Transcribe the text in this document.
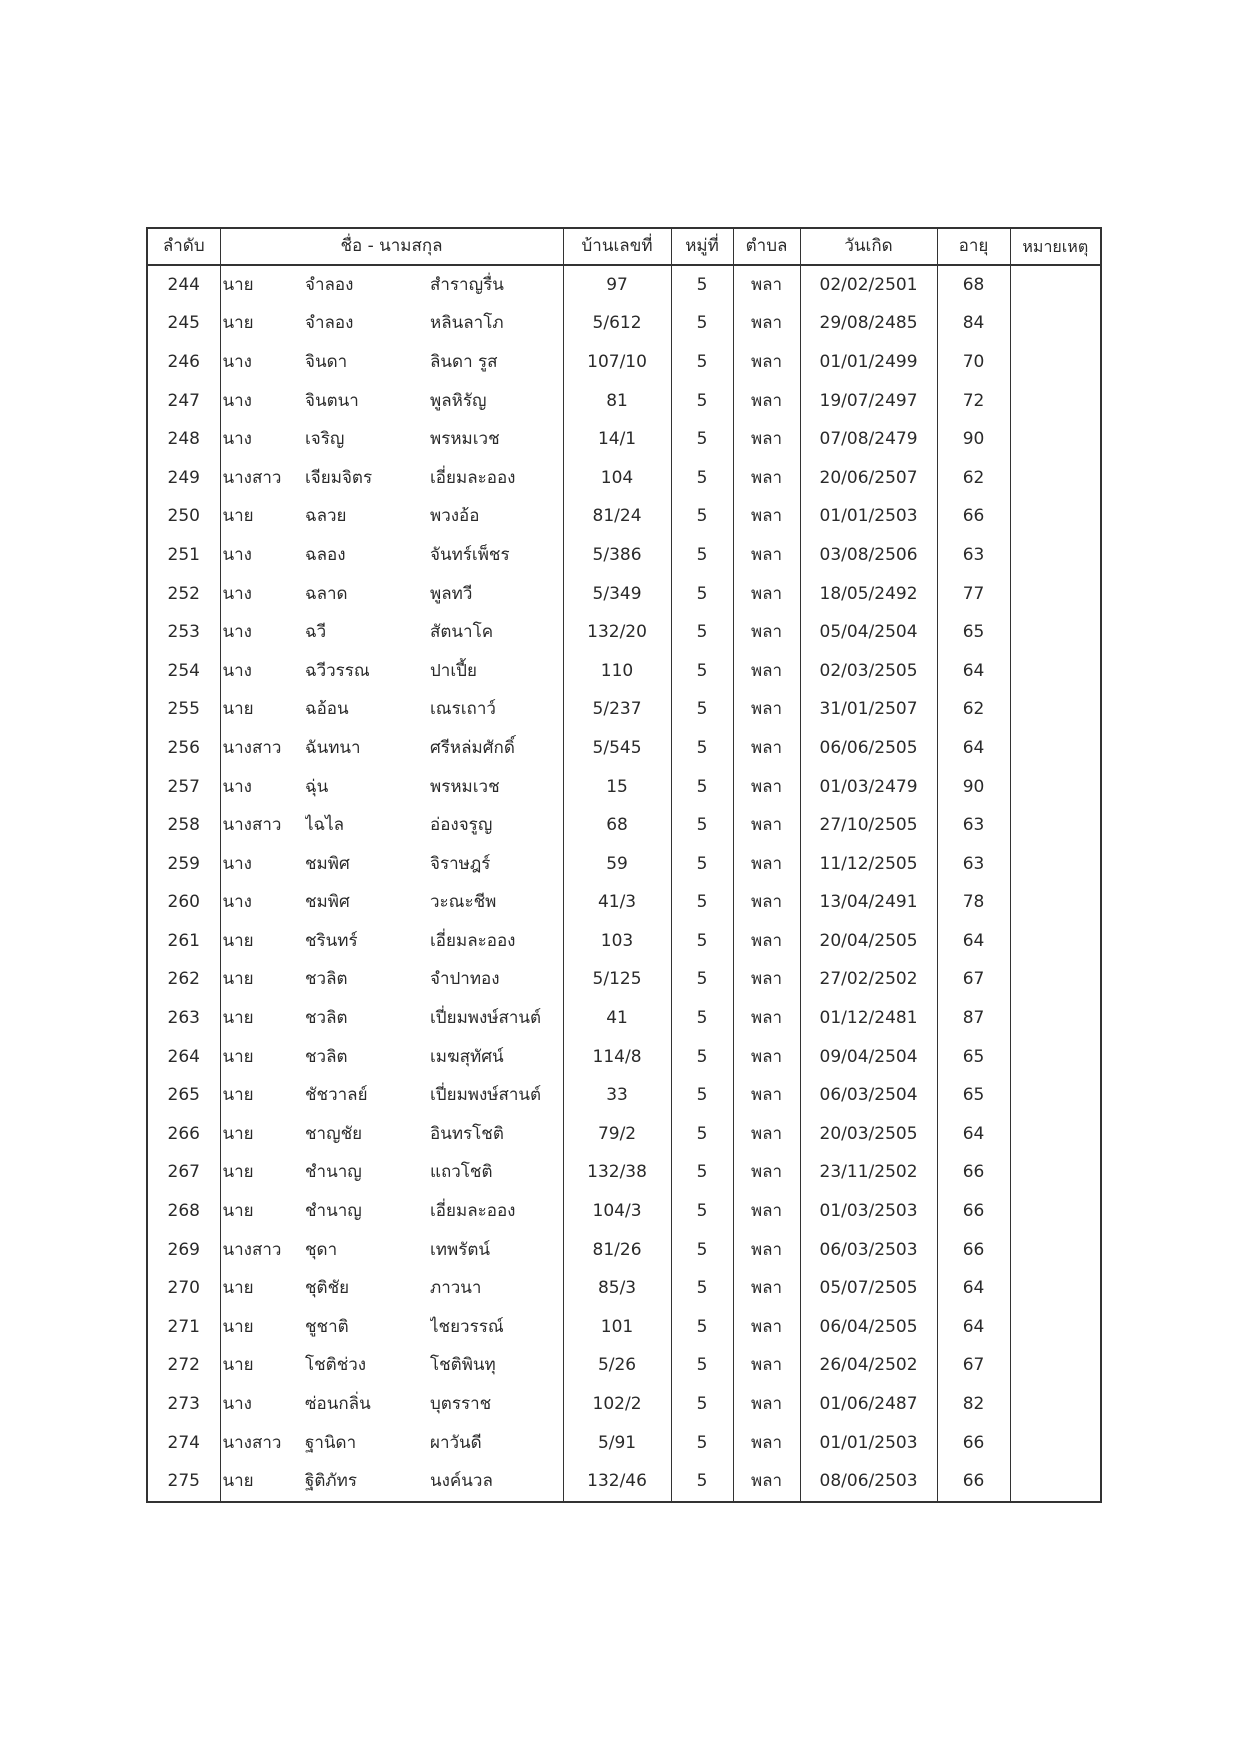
ลำดับ	ชื่อ - นามสกุล			บ้านเลขที่	หมู่ที่	ตำบล	วันเกิด	อายุ	หมายเหตุ
244	นาย	จำลอง	สำราญรื่น	97	5	พลา	02/02/2501	68	
245	นาย	จำลอง	หลินลาโภ	5/612	5	พลา	29/08/2485	84	
246	นาง	จินดา	ลินดา รูส	107/10	5	พลา	01/01/2499	70	
247	นาง	จินตนา	พูลหิรัญ	81	5	พลา	19/07/2497	72	
248	นาง	เจริญ	พรหมเวช	14/1	5	พลา	07/08/2479	90	
249	นางสาว	เจียมจิตร	เอี่ยมละออง	104	5	พลา	20/06/2507	62	
250	นาย	ฉลวย	พวงอ้อ	81/24	5	พลา	01/01/2503	66	
251	นาง	ฉลอง	จันทร์เพ็ชร	5/386	5	พลา	03/08/2506	63	
252	นาง	ฉลาด	พูลทวี	5/349	5	พลา	18/05/2492	77	
253	นาง	ฉวี	สัตนาโค	132/20	5	พลา	05/04/2504	65	
254	นาง	ฉวีวรรณ	ปาเปี้ย	110	5	พลา	02/03/2505	64	
255	นาย	ฉอ้อน	เณรเถาว์	5/237	5	พลา	31/01/2507	62	
256	นางสาว	ฉันทนา	ศรีหล่มศักดิ์	5/545	5	พลา	06/06/2505	64	
257	นาง	ฉุ่น	พรหมเวช	15	5	พลา	01/03/2479	90	
258	นางสาว	ไฉไล	อ่องจรูญ	68	5	พลา	27/10/2505	63	
259	นาง	ชมพิศ	จิราษฎร์	59	5	พลา	11/12/2505	63	
260	นาง	ชมพิศ	วะณะชีพ	41/3	5	พลา	13/04/2491	78	
261	นาย	ชรินทร์	เอี่ยมละออง	103	5	พลา	20/04/2505	64	
262	นาย	ชวลิต	จำปาทอง	5/125	5	พลา	27/02/2502	67	
263	นาย	ชวลิต	เปี่ยมพงษ์สานต์	41	5	พลา	01/12/2481	87	
264	นาย	ชวลิต	เมฆสุทัศน์	114/8	5	พลา	09/04/2504	65	
265	นาย	ชัชวาลย์	เปี่ยมพงษ์สานต์	33	5	พลา	06/03/2504	65	
266	นาย	ชาญชัย	อินทรโชติ	79/2	5	พลา	20/03/2505	64	
267	นาย	ชำนาญ	แถวโชติ	132/38	5	พลา	23/11/2502	66	
268	นาย	ชำนาญ	เอี่ยมละออง	104/3	5	พลา	01/03/2503	66	
269	นางสาว	ชุดา	เทพรัตน์	81/26	5	พลา	06/03/2503	66	
270	นาย	ชุติชัย	ภาวนา	85/3	5	พลา	05/07/2505	64	
271	นาย	ชูชาติ	ไชยวรรณ์	101	5	พลา	06/04/2505	64	
272	นาย	โชติช่วง	โชติพินทุ	5/26	5	พลา	26/04/2502	67	
273	นาง	ซ่อนกลิ่น	บุตรราช	102/2	5	พลา	01/06/2487	82	
274	นางสาว	ฐานิดา	ผาวันดี	5/91	5	พลา	01/01/2503	66	
275	นาย	ฐิติภัทร	นงค์นวล	132/46	5	พลา	08/06/2503	66	
